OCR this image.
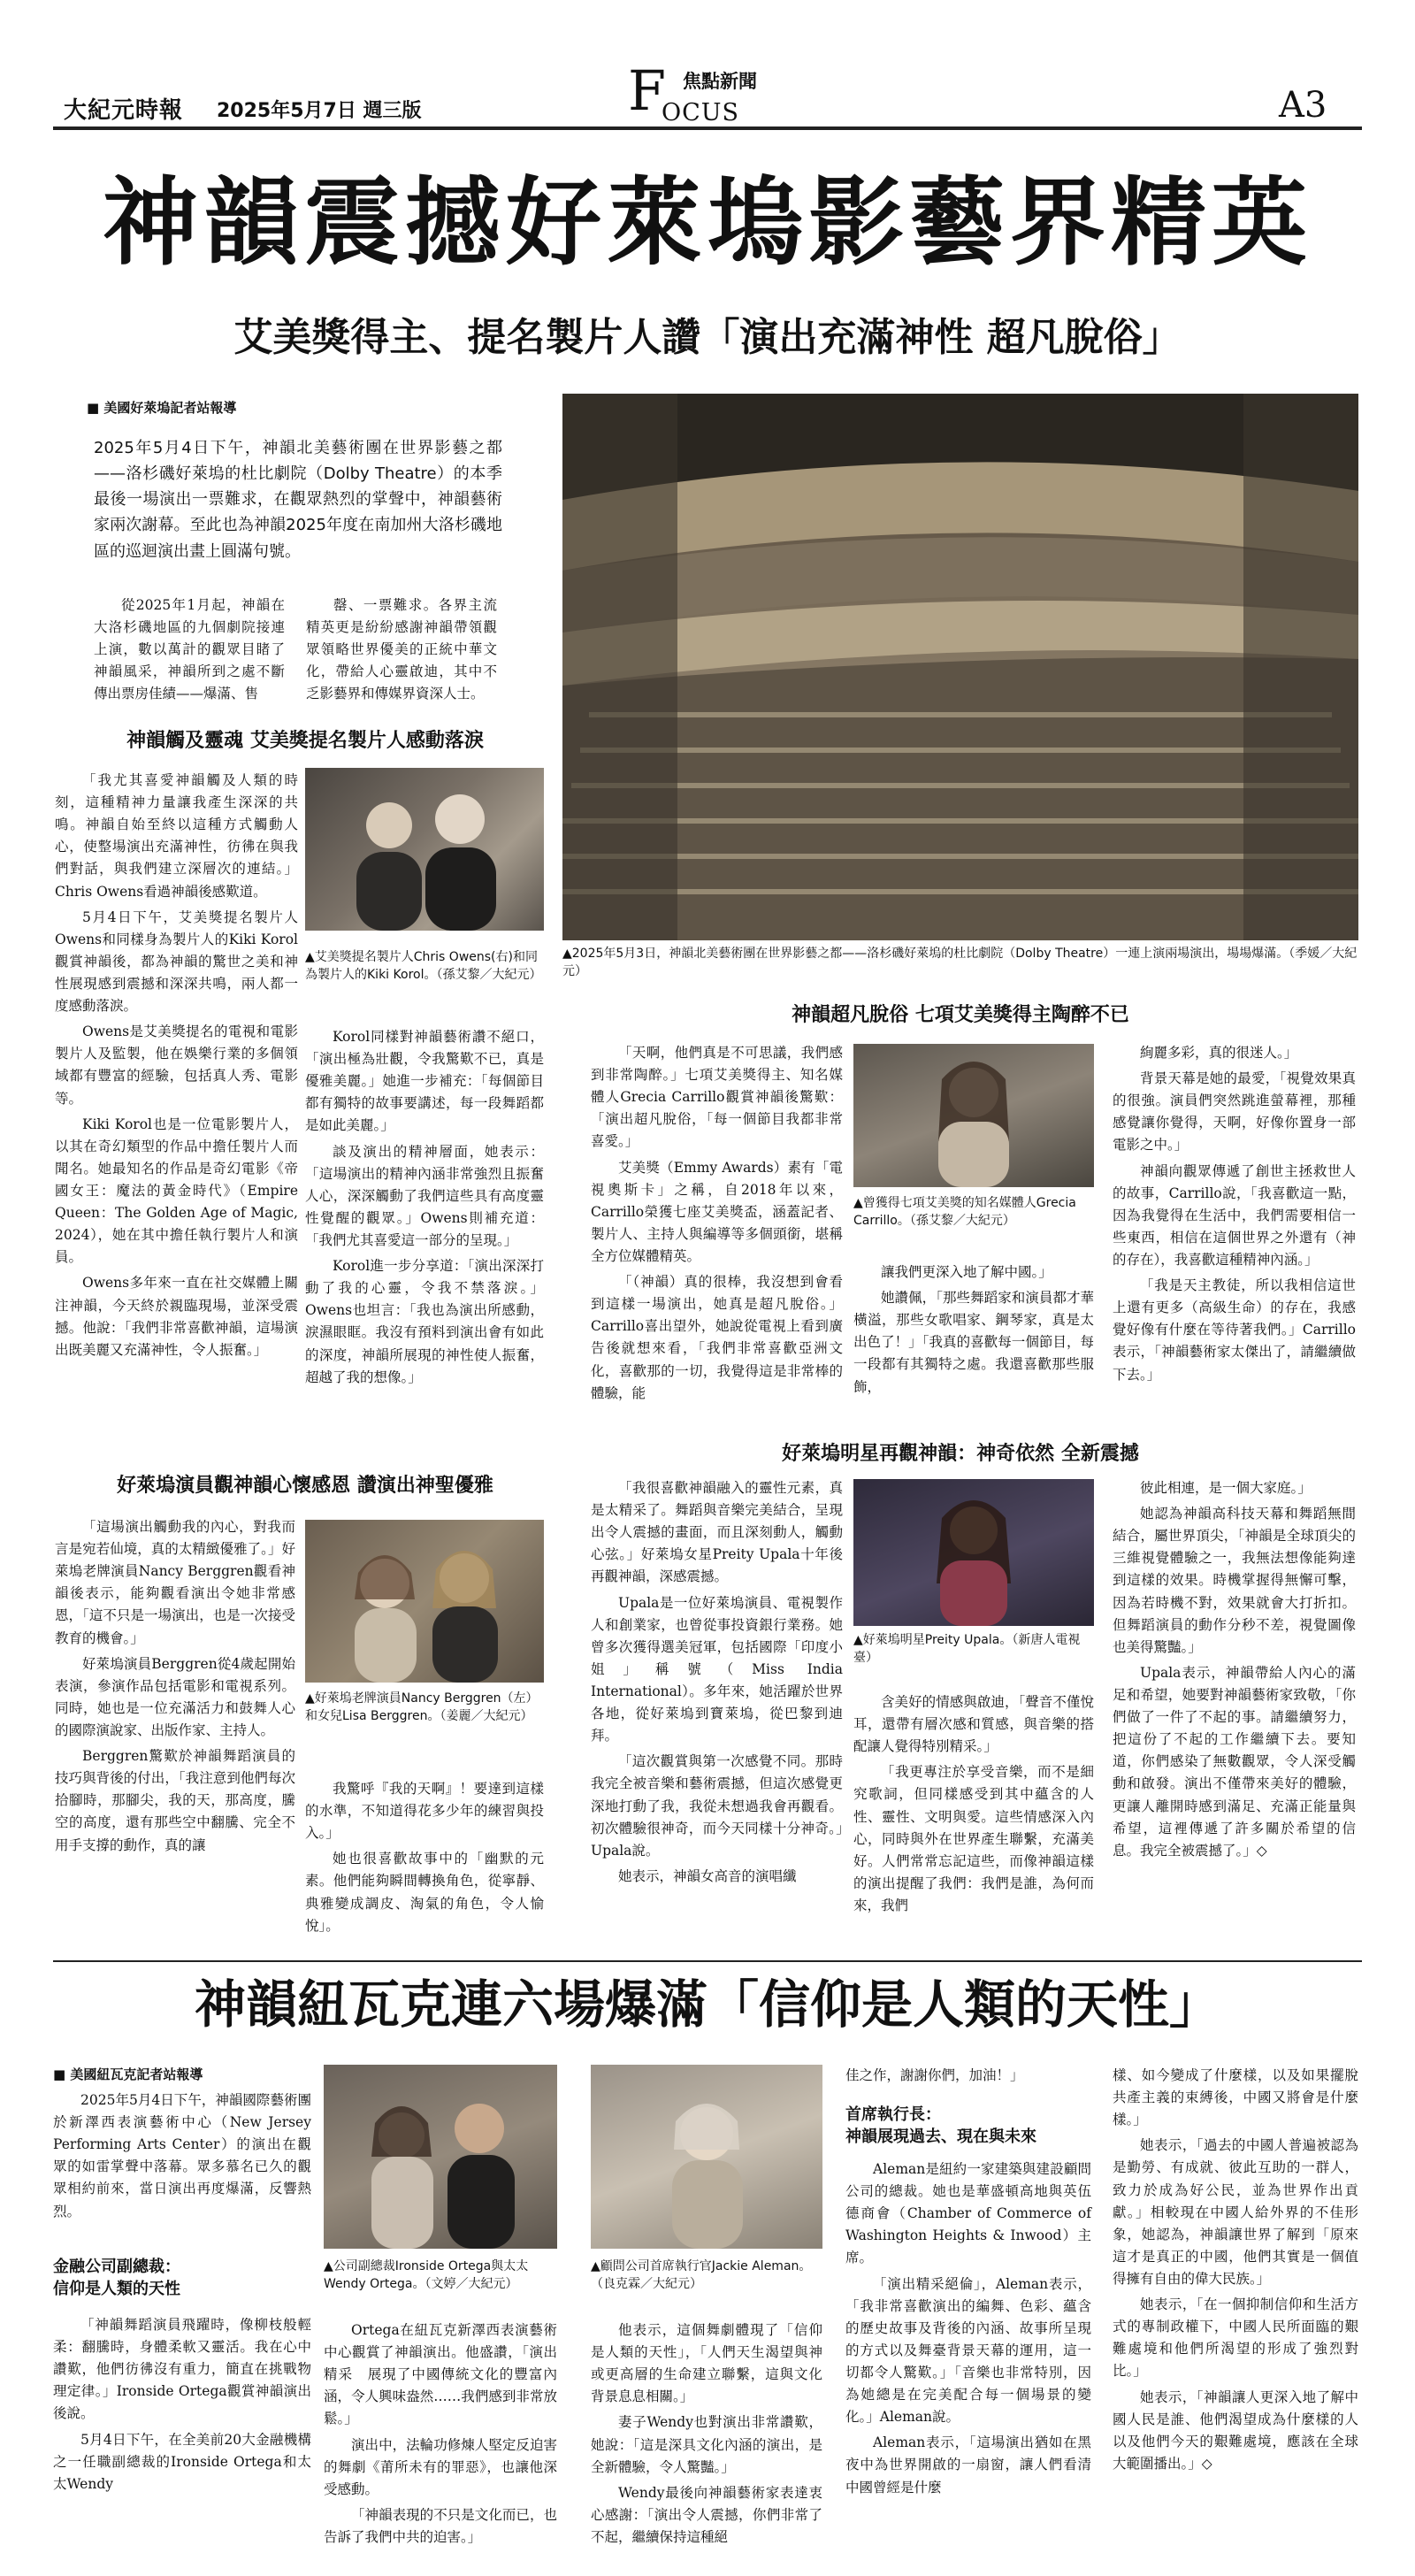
大紀元時報 2025年5月7日 週三版	F 焦點新聞
OCUS	A3
神韻震撼好萊塢影藝界精英
艾美獎得主、提名製片人讚「演出充滿神性 超凡脫俗」
■ 美國好萊塢記者站報導
2025年5月4日下午，神韻北美藝術團在世界影藝之都——洛杉磯好萊塢的杜比劇院（Dolby Theatre）的本季最後一場演出一票難求，在觀眾熱烈的掌聲中，神韻藝術家兩次謝幕。至此也為神韻2025年度在南加州大洛杉磯地區的巡迴演出畫上圓滿句號。

從2025年1月起，神韻在大洛杉磯地區的九個劇院接連上演，數以萬計的觀眾目睹了神韻風采，神韻所到之處不斷傳出票房佳績——爆滿、售

罄、一票難求。各界主流精英更是紛紛感謝神韻帶領觀眾領略世界優美的正統中華文化，帶給人心靈啟迪，其中不乏影藝界和傳媒界資深人士。

▲2025年5月3日，神韻北美藝術團在世界影藝之都——洛杉磯好萊塢的杜比劇院（Dolby Theatre）一連上演兩場演出，場場爆滿。（季媛／大紀元）
神韻觸及靈魂 艾美獎提名製片人感動落淚

「我尤其喜愛神韻觸及人類的時刻，這種精神力量讓我產生深深的共鳴。神韻自始至終以這種方式觸動人心，使整場演出充滿神性，彷彿在與我們對話，與我們建立深層次的連結。」Chris Owens看過神韻後感歎道。

5月4日下午，艾美獎提名製片人Owens和同樣身為製片人的Kiki Korol觀賞神韻後，都為神韻的驚世之美和神性展現感到震撼和深深共鳴，兩人都一度感動落淚。

Owens是艾美獎提名的電視和電影製片人及監製，他在娛樂行業的多個領域都有豐富的經驗，包括真人秀、電影等。

Kiki Korol也是一位電影製片人，以其在奇幻類型的作品中擔任製片人而聞名。她最知名的作品是奇幻電影《帝國女王：魔法的黃金時代》（Empire Queen：The Golden Age of Magic, 2024），她在其中擔任執行製片人和演員。

Owens多年來一直在社交媒體上關注神韻，今天終於親臨現場，並深受震撼。他說：「我們非常喜歡神韻，這場演出既美麗又充滿神性，令人振奮。」

▲艾美獎提名製片人Chris Owens(右)和同為製片人的Kiki Korol。（孫艾黎／大紀元）

Korol同樣對神韻藝術讚不絕口，「演出極為壯觀，令我驚歎不已，真是優雅美麗。」她進一步補充：「每個節目都有獨特的故事要講述，每一段舞蹈都是如此美麗。」

談及演出的精神層面，她表示：「這場演出的精神內涵非常強烈且振奮人心，深深觸動了我們這些具有高度靈性覺醒的觀眾。」Owens則補充道：「我們尤其喜愛這一部分的呈現。」

Korol進一步分享道：「演出深深打動了我的心靈，令我不禁落淚。」Owens也坦言：「我也為演出所感動，淚濕眼眶。我沒有預料到演出會有如此的深度，神韻所展現的神性使人振奮，超越了我的想像。」

神韻超凡脫俗 七項艾美獎得主陶醉不已

「天啊，他們真是不可思議，我們感到非常陶醉。」七項艾美獎得主、知名媒體人Grecia Carrillo觀賞神韻後驚歎：「演出超凡脫俗，「每一個節目我都非常喜愛。」

艾美獎（Emmy Awards）素有「電視奧斯卡」之稱，自2018年以來，Carrillo榮獲七座艾美獎盃，涵蓋記者、製片人、主持人與編導等多個頭銜，堪稱全方位媒體精英。

「（神韻）真的很棒，我沒想到會看到這樣一場演出，她真是超凡脫俗。」Carrillo喜出望外，她說從電視上看到廣告後就想來看，「我們非常喜歡亞洲文化，喜歡那的一切，我覺得這是非常棒的體驗，能

▲曾獲得七項艾美獎的知名媒體人Grecia Carrillo。（孫艾黎／大紀元）

讓我們更深入地了解中國。」

她讚佩，「那些舞蹈家和演員都才華橫溢，那些女歌唱家、鋼琴家，真是太出色了！」「我真的喜歡每一個節目，每一段都有其獨特之處。我還喜歡那些服飾，

絢麗多彩，真的很迷人。」

背景天幕是她的最愛，「視覺效果真的很強。演員們突然跳進螢幕裡，那種感覺讓你覺得，天啊，好像你置身一部電影之中。」

神韻向觀眾傳遞了創世主拯救世人的故事，Carrillo說，「我喜歡這一點，因為我覺得在生活中，我們需要相信一些東西，相信在這個世界之外還有（神的存在），我喜歡這種精神內涵。」

「我是天主教徒，所以我相信這世上還有更多（高級生命）的存在，我感覺好像有什麼在等待著我們。」Carrillo表示，「神韻藝術家太傑出了，請繼續做下去。」

好萊塢演員觀神韻心懷感恩 讚演出神聖優雅

「這場演出觸動我的內心，對我而言是宛若仙境，真的太精緻優雅了。」好萊塢老牌演員Nancy Berggren觀看神韻後表示，能夠觀看演出令她非常感恩，「這不只是一場演出，也是一次接受教育的機會。」

好萊塢演員Berggren從4歲起開始表演，參演作品包括電影和電視系列。同時，她也是一位充滿活力和鼓舞人心的國際演說家、出版作家、主持人。

Berggren驚歎於神韻舞蹈演員的技巧與背後的付出，「我注意到他們每次拾腳時，那腳尖，我的天，那高度，騰空的高度，還有那些空中翻騰、完全不用手支撐的動作，真的讓

▲好萊塢老牌演員Nancy Berggren（左）和女兒Lisa Berggren。（姜麗／大紀元）

我驚呼『我的天啊』！要達到這樣的水準，不知道得花多少年的練習與投入。」

她也很喜歡故事中的「幽默的元素。他們能夠瞬間轉換角色，從寧靜、典雅變成調皮、淘氣的角色，令人愉悅」。

好萊塢明星再觀神韻：神奇依然 全新震撼

「我很喜歡神韻融入的靈性元素，真是太精采了。舞蹈與音樂完美結合，呈現出令人震撼的畫面，而且深刻動人，觸動心弦。」好萊塢女星Preity Upala十年後再觀神韻，深感震撼。

Upala是一位好萊塢演員、電視製作人和創業家，也曾從事投資銀行業務。她曾多次獲得選美冠軍，包括國際「印度小姐」稱號（Miss India International）。多年來，她活躍於世界各地，從好萊塢到寶萊塢，從巴黎到迪拜。

「這次觀賞與第一次感覺不同。那時我完全被音樂和藝術震撼，但這次感覺更深地打動了我，我從未想過我會再觀看。初次體驗很神奇，而今天同樣十分神奇。」Upala說。

她表示，神韻女高音的演唱纖

▲好萊塢明星Preity Upala。（新唐人電視臺）

含美好的情感與啟迪，「聲音不僅悅耳，還帶有層次感和質感，與音樂的搭配讓人覺得特別精采。」

「我更專注於享受音樂，而不是細究歌詞，但同樣感受到其中蘊含的人性、靈性、文明與愛。這些情感深入內心，同時與外在世界產生聯繫，充滿美好。人們常常忘記這些，而像神韻這樣的演出提醒了我們：我們是誰，為何而來，我們

彼此相連，是一個大家庭。」

她認為神韻高科技天幕和舞蹈無間結合，屬世界頂尖，「神韻是全球頂尖的三維視覺體驗之一，我無法想像能夠達到這樣的效果。時機掌握得無懈可擊，因為若時機不對，效果就會大打折扣。但舞蹈演員的動作分秒不差，視覺圖像也美得驚豔。」

Upala表示，神韻帶給人內心的滿足和希望，她要對神韻藝術家致敬，「你們做了一件了不起的事。請繼續努力，把這份了不起的工作繼續下去。要知道，你們感染了無數觀眾，令人深受觸動和啟發。演出不僅帶來美好的體驗，更讓人離開時感到滿足、充滿正能量與希望，這裡傳遞了許多關於希望的信息。我完全被震撼了。」◇

神韻紐瓦克連六場爆滿「信仰是人類的天性」
■ 美國紐瓦克記者站報導

2025年5月4日下午，神韻國際藝術團於新澤西表演藝術中心（New Jersey Performing Arts Center）的演出在觀眾的如雷掌聲中落幕。眾多慕名已久的觀眾相約前來，當日演出再度爆滿，反響熱烈。

金融公司副總裁：
信仰是人類的天性

「神韻舞蹈演員飛躍時，像柳枝般輕柔：翻騰時，身體柔軟又靈活。我在心中讚歎，他們彷彿沒有重力，簡直在挑戰物理定律。」Ironside Ortega觀賞神韻演出後說。

5月4日下午，在全美前20大金融機構之一任職副總裁的Ironside Ortega和太太Wendy

▲公司副總裁Ironside Ortega與太太Wendy Ortega。（文婷／大紀元）

Ortega在紐瓦克新澤西表演藝術中心觀賞了神韻演出。他盛讚，「演出精采　展現了中國傳統文化的豐富內涵，令人興味盎然……我們感到非常放鬆。」

演出中，法輪功修煉人堅定反迫害的舞劇《莆所未有的罪惡》，也讓他深受感動。

「神韻表現的不只是文化而已，也告訴了我們中共的迫害。」

▲顧問公司首席執行官Jackie Aleman。（良克霖／大紀元）

他表示，這個舞劇體現了「信仰是人類的天性」，「人們天生渴望與神或更高層的生命建立聯繫，這與文化背景息息相關。」

妻子Wendy也對演出非常讚歎，她說：「這是深具文化內涵的演出，是全新體驗，令人驚豔。」

Wendy最後向神韻藝術家表達衷心感謝：「演出令人震撼，你們非常了不起，繼續保持這種絕

佳之作，謝謝你們，加油！」

首席執行長：
神韻展現過去、現在與未來

Aleman是紐約一家建築與建設顧問公司的總裁。她也是華盛頓高地與英伍德商會（Chamber of Commerce of Washington Heights & Inwood）主席。

「演出精采絕倫」，Aleman表示，「我非常喜歡演出的編舞、色彩、蘊含的歷史故事及背後的內涵、故事所呈現的方式以及舞臺背景天幕的運用，這一切都令人驚歎。」「音樂也非常特別，因為她總是在完美配合每一個場景的變化。」Aleman說。

Aleman表示，「這場演出猶如在黑夜中為世界開啟的一扇窗，讓人們看清中國曾經是什麼

樣、如今變成了什麼樣，以及如果擺脫共產主義的束縛後，中國又將會是什麼樣。」

她表示，「過去的中國人普遍被認為是勤勞、有成就、彼此互助的一群人，致力於成為好公民，並為世界作出貢獻。」相較現在中國人給外界的不佳形象，她認為，神韻讓世界了解到「原來這才是真正的中國，他們其實是一個值得擁有自由的偉大民族。」

她表示，「在一個抑制信仰和生活方式的專制政權下，中國人民所面臨的艱難處境和他們所渴望的形成了強烈對比。」

她表示，「神韻讓人更深入地了解中國人民是誰、他們渴望成為什麼樣的人以及他們今天的艱難處境，應該在全球大範圍播出。」◇
